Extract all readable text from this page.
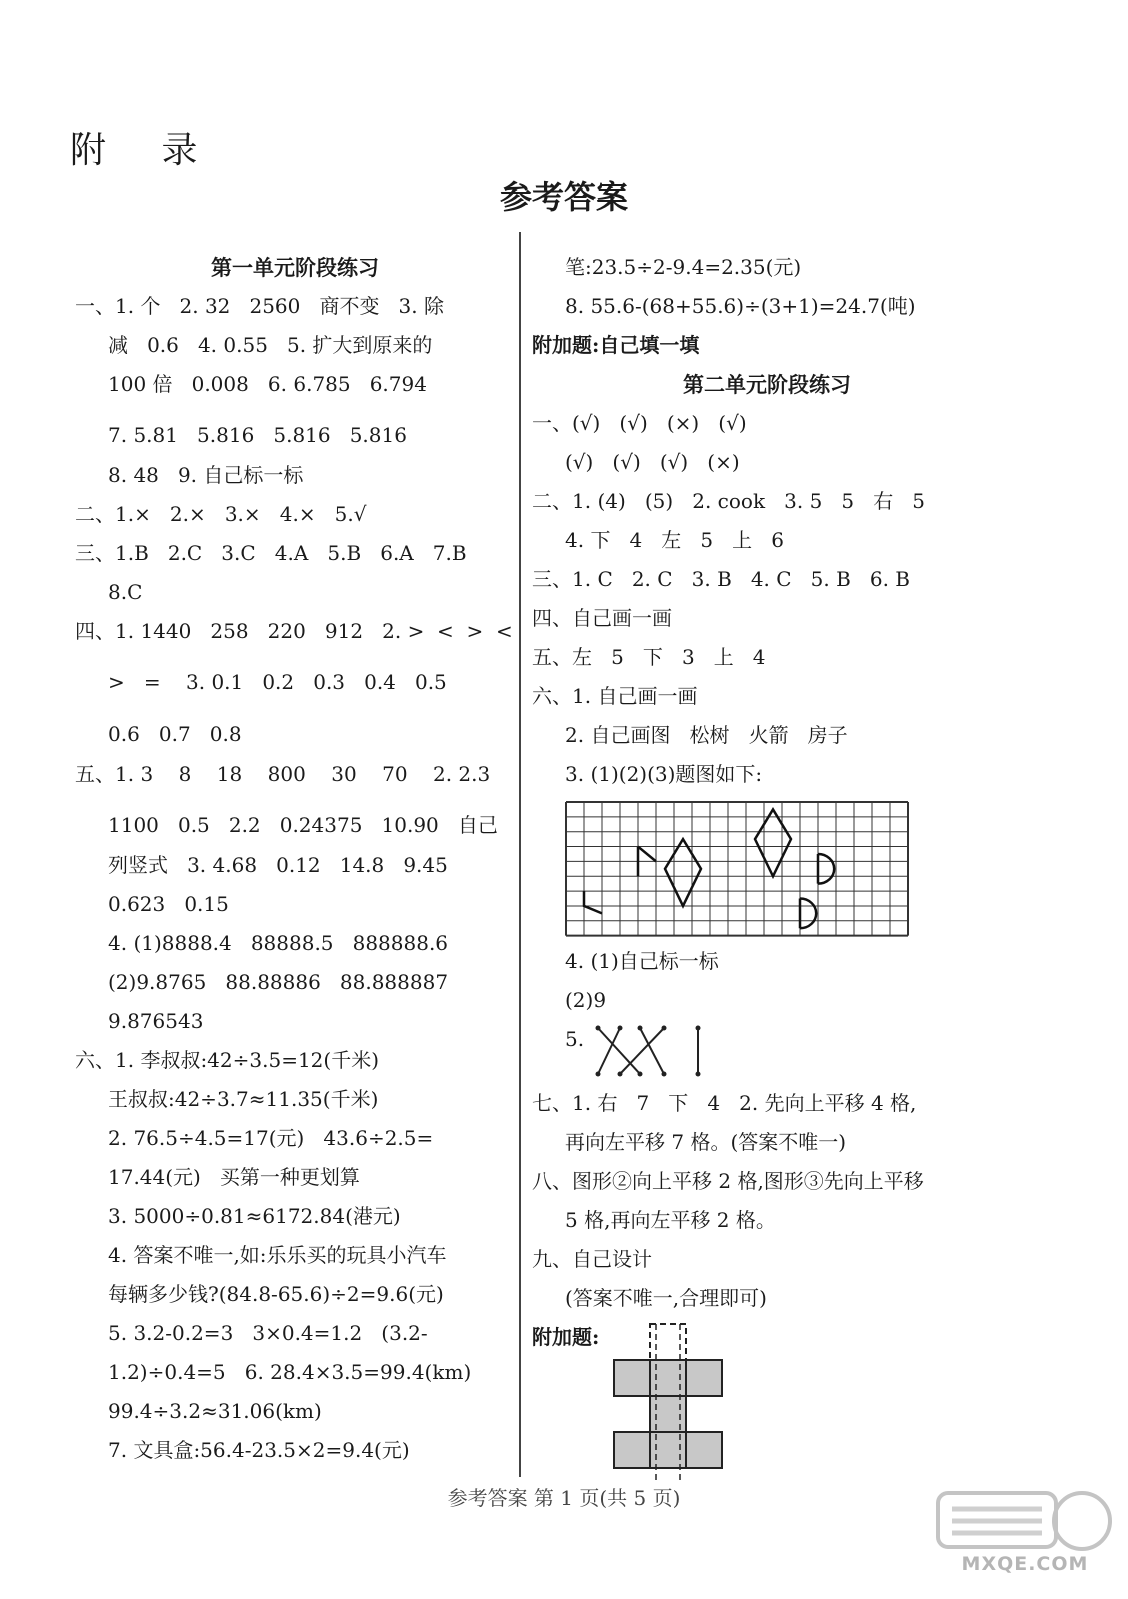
附 录
参考答案
第一单元阶段练习
一、1. 个   2. 32   2560   商不变   3. 除
减   0.6   4. 0.55   5. 扩大到原来的
100 倍   0.008   6. 6.785   6.794
7. 5.81   5.816   5.816   5.816
8. 48   9. 自己标一标
二、1.×   2.×   3.×   4.×   5.√
三、1.B   2.C   3.C   4.A   5.B   6.A   7.B
8.C
四、1. 1440   258   220   912   2. >  <  >  <
>   =    3. 0.1   0.2   0.3   0.4   0.5
0.6   0.7   0.8
五、1. 3    8    18    800    30    70    2. 2.3
1100   0.5   2.2   0.24375   10.90   自己
列竖式   3. 4.68   0.12   14.8   9.45
0.623   0.15
4. (1)8888.4   88888.5   888888.6
(2)9.8765   88.88886   88.888887
9.876543
六、1. 李叔叔:42÷3.5=12(千米)
王叔叔:42÷3.7≈11.35(千米)
2. 76.5÷4.5=17(元)   43.6÷2.5=
17.44(元)   买第一种更划算
3. 5000÷0.81≈6172.84(港元)
4. 答案不唯一,如:乐乐买的玩具小汽车
每辆多少钱?(84.8-65.6)÷2=9.6(元)
5. 3.2-0.2=3   3×0.4=1.2   (3.2-
1.2)÷0.4=5   6. 28.4×3.5=99.4(km)
99.4÷3.2≈31.06(km)
7. 文具盒:56.4-23.5×2=9.4(元)
笔:23.5÷2-9.4=2.35(元)
8. 55.6-(68+55.6)÷(3+1)=24.7(吨)
附加题:自己填一填
第二单元阶段练习
一、(√)   (√)   (×)   (√)
(√)   (√)   (√)   (×)
二、1. (4)   (5)   2. cook   3. 5   5   右   5
4. 下   4   左   5   上   6
三、1. C   2. C   3. B   4. C   5. B   6. B
四、自己画一画
五、左   5   下   3   上   4
六、1. 自己画一画
2. 自己画图   松树   火箭   房子
3. (1)(2)(3)题图如下:
4. (1)自己标一标
(2)9
5.
七、1. 右   7   下   4   2. 先向上平移 4 格,
再向左平移 7 格。(答案不唯一)
八、图形②向上平移 2 格,图形③先向上平移
5 格,再向左平移 2 格。
九、自己设计
(答案不唯一,合理即可)
附加题:
参考答案 第 1 页(共 5 页)
MXQE.COM
